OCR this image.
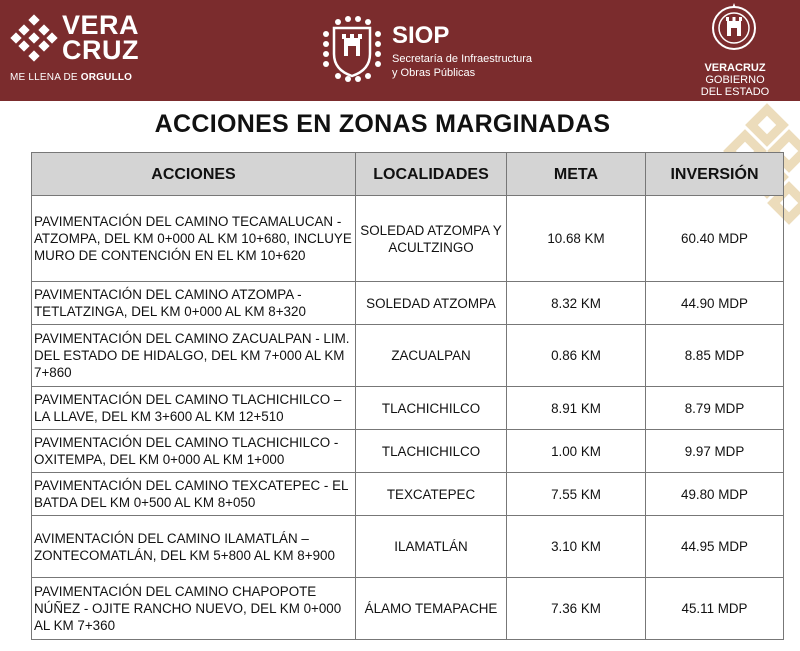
VERA
CRUZ
ME LLENA DE ORGULLO
SIOP
Secretaría de Infraestructura
y Obras Públicas	VERACRUZ
GOBIERNO
DEL ESTADO
ACCIONES EN ZONAS MARGINADAS
ACCIONES	LOCALIDADES	META	INVERSIÓN
PAVIMENTACIÓN DEL CAMINO TECAMALUCAN - ATZOMPA, DEL KM 0+000 AL KM 10+680, INCLUYE MURO DE CONTENCIÓN EN EL KM 10+620	SOLEDAD ATZOMPA Y ACULTZINGO	10.68 KM	60.40 MDP
PAVIMENTACIÓN DEL CAMINO ATZOMPA - TETLATZINGA, DEL KM 0+000 AL KM 8+320	SOLEDAD ATZOMPA	8.32 KM	44.90 MDP
PAVIMENTACIÓN DEL CAMINO ZACUALPAN - LIM. DEL ESTADO DE HIDALGO, DEL KM 7+000 AL KM 7+860	ZACUALPAN	0.86 KM	8.85 MDP
PAVIMENTACIÓN DEL CAMINO TLACHICHILCO – LA LLAVE, DEL KM 3+600 AL KM 12+510	TLACHICHILCO	8.91 KM	8.79 MDP
PAVIMENTACIÓN DEL CAMINO TLACHICHILCO - OXITEMPA, DEL KM 0+000 AL KM 1+000	TLACHICHILCO	1.00 KM	9.97 MDP
PAVIMENTACIÓN DEL CAMINO TEXCATEPEC - EL BATDA DEL KM 0+500 AL KM 8+050	TEXCATEPEC	7.55 KM	49.80 MDP
AVIMENTACIÓN DEL CAMINO ILAMATLÁN – ZONTECOMATLÁN, DEL KM 5+800 AL KM 8+900	ILAMATLÁN	3.10 KM	44.95 MDP
PAVIMENTACIÓN DEL CAMINO CHAPOPOTE NÚÑEZ - OJITE RANCHO NUEVO, DEL KM 0+000 AL KM 7+360	ÁLAMO TEMAPACHE	7.36 KM	45.11 MDP
